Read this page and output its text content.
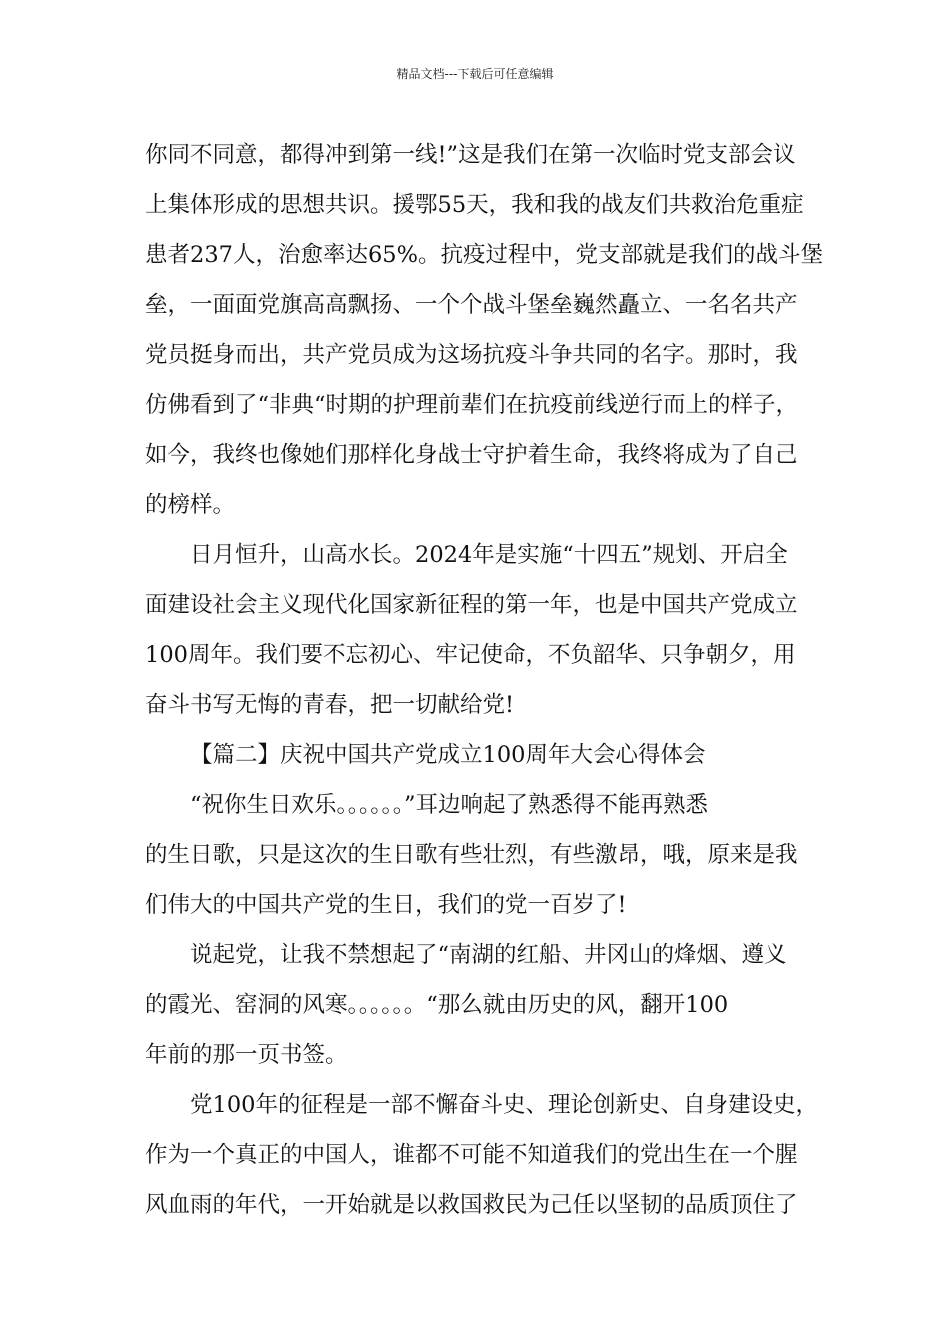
精品文档---下载后可任意编辑
你同不同意，都得冲到第一线!”这是我们在第一次临时党支部会议
上集体形成的思想共识。援鄂55天，我和我的战友们共救治危重症
患者237人，治愈率达65%。抗疫过程中，党支部就是我们的战斗堡
垒，一面面党旗高高飘扬、一个个战斗堡垒巍然矗立、一名名共产
党员挺身而出，共产党员成为这场抗疫斗争共同的名字。那时，我
仿佛看到了“非典“时期的护理前辈们在抗疫前线逆行而上的样子，
如今，我终也像她们那样化身战士守护着生命，我终将成为了自己
的榜样。
日月恒升，山高水长。2024年是实施“十四五”规划、开启全
面建设社会主义现代化国家新征程的第一年，也是中国共产党成立
100周年。我们要不忘初心、牢记使命，不负韶华、只争朝夕，用
奋斗书写无悔的青春，把一切献给党!
【篇二】庆祝中国共产党成立100周年大会心得体会
“祝你生日欢乐。。。。。。”耳边响起了熟悉得不能再熟悉
的生日歌，只是这次的生日歌有些壮烈，有些激昂，哦，原来是我
们伟大的中国共产党的生日，我们的党一百岁了!
说起党，让我不禁想起了“南湖的红船、井冈山的烽烟、遵义
的霞光、窑洞的风寒。。。。。。“那么就由历史的风，翻开100
年前的那一页书签。
党100年的征程是一部不懈奋斗史、理论创新史、自身建设史，
作为一个真正的中国人，谁都不可能不知道我们的党出生在一个腥
风血雨的年代，一开始就是以救国救民为己任以坚韧的品质顶住了
